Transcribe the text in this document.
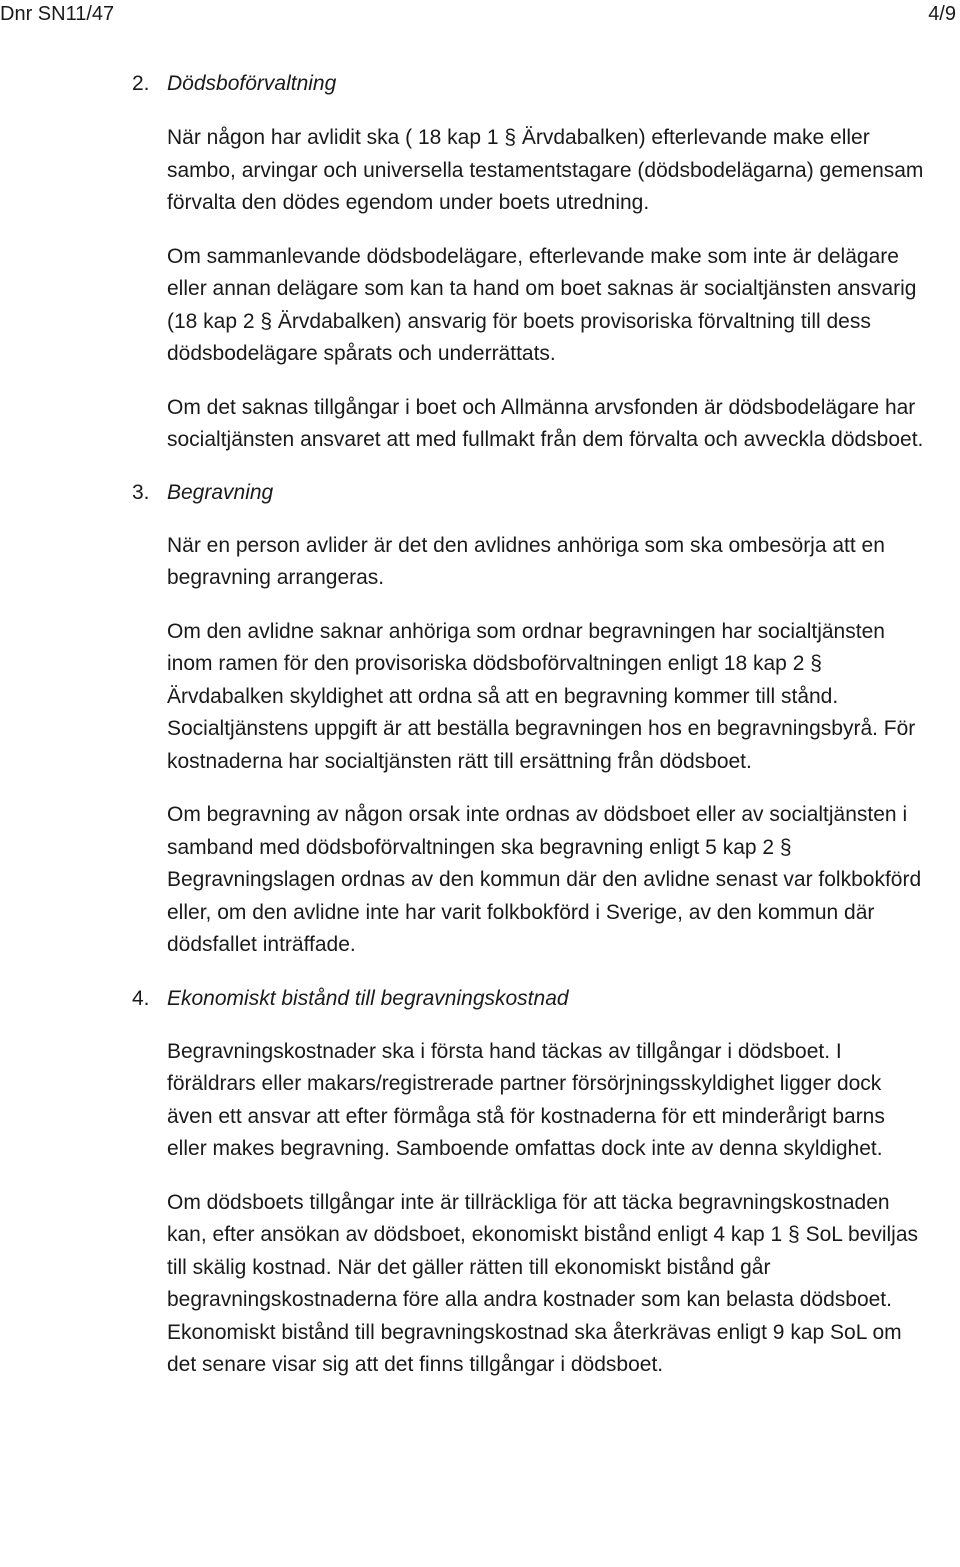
Dnr SN11/47	4/9
2. Dödsboförvaltning

När någon har avlidit ska ( 18 kap 1 § Ärvdabalken) efterlevande make eller sambo, arvingar och universella testamentstagare (dödsbodelägarna) gemensam förvalta den dödes egendom under boets utredning.

Om sammanlevande dödsbodelägare, efterlevande make som inte är delägare eller annan delägare som kan ta hand om boet saknas är socialtjänsten ansvarig (18 kap 2 § Ärvdabalken) ansvarig för boets provisoriska förvaltning till dess dödsbodelägare spårats och underrättats.

Om det saknas tillgångar i boet och Allmänna arvsfonden är dödsbodelägare har socialtjänsten ansvaret att med fullmakt från dem förvalta och avveckla dödsboet.

3. Begravning

När en person avlider är det den avlidnes anhöriga som ska ombesörja att en begravning arrangeras.

Om den avlidne saknar anhöriga som ordnar begravningen har socialtjänsten inom ramen för den provisoriska dödsboförvaltningen enligt 18 kap 2 § Ärvdabalken skyldighet att ordna så att en begravning kommer till stånd. Socialtjänstens uppgift är att beställa begravningen hos en begravningsbyrå. För kostnaderna har socialtjänsten rätt till ersättning från dödsboet.

Om begravning av någon orsak inte ordnas av dödsboet eller av socialtjänsten i samband med dödsboförvaltningen ska begravning enligt 5 kap 2 § Begravningslagen ordnas av den kommun där den avlidne senast var folkbokförd eller, om den avlidne inte har varit folkbokförd i Sverige, av den kommun där dödsfallet inträffade.

4. Ekonomiskt bistånd till begravningskostnad

Begravningskostnader ska i första hand täckas av tillgångar i dödsboet. I föräldrars eller makars/registrerade partner försörjningsskyldighet ligger dock även ett ansvar att efter förmåga stå för kostnaderna för ett minderårigt barns eller makes begravning. Samboende omfattas dock inte av denna skyldighet.

Om dödsboets tillgångar inte är tillräckliga för att täcka begravningskostnaden kan, efter ansökan av dödsboet, ekonomiskt bistånd enligt 4 kap 1 § SoL beviljas till skälig kostnad. När det gäller rätten till ekonomiskt bistånd går begravningskostnaderna före alla andra kostnader som kan belasta dödsboet. Ekonomiskt bistånd till begravningskostnad ska återkrävas enligt 9 kap SoL om det senare visar sig att det finns tillgångar i dödsboet.
